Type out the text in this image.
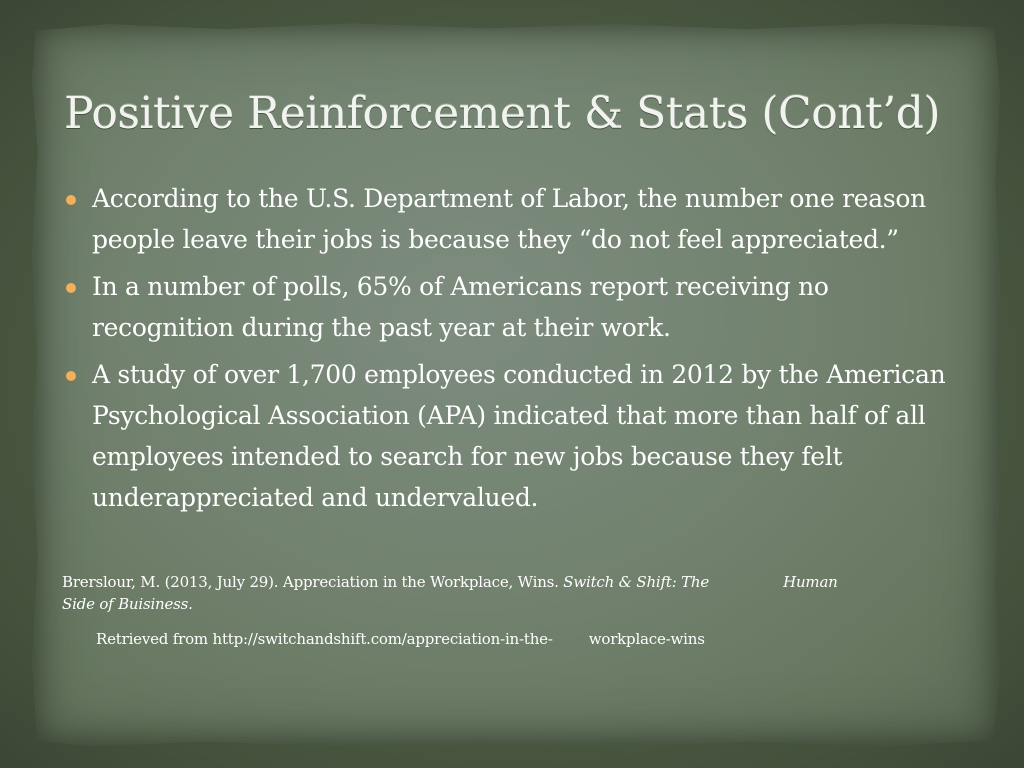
Positive Reinforcement & Stats (Cont’d)
According to the U.S. Department of Labor, the number one reason people leave their jobs is because they “do not feel appreciated.”
In a number of polls, 65% of Americans report receiving no recognition during the past year at their work.
A study of over 1,700 employees conducted in 2012 by the American Psychological Association (APA) indicated that more than half of all employees intended to search for new jobs because they felt underappreciated and undervalued.
Brerslour, M. (2013, July 29). Appreciation in the Workplace, Wins. Switch & Shift: The	Human
Side of Buisiness.
Retrieved from http://switchandshift.com/appreciation-in-the- workplace-wins
